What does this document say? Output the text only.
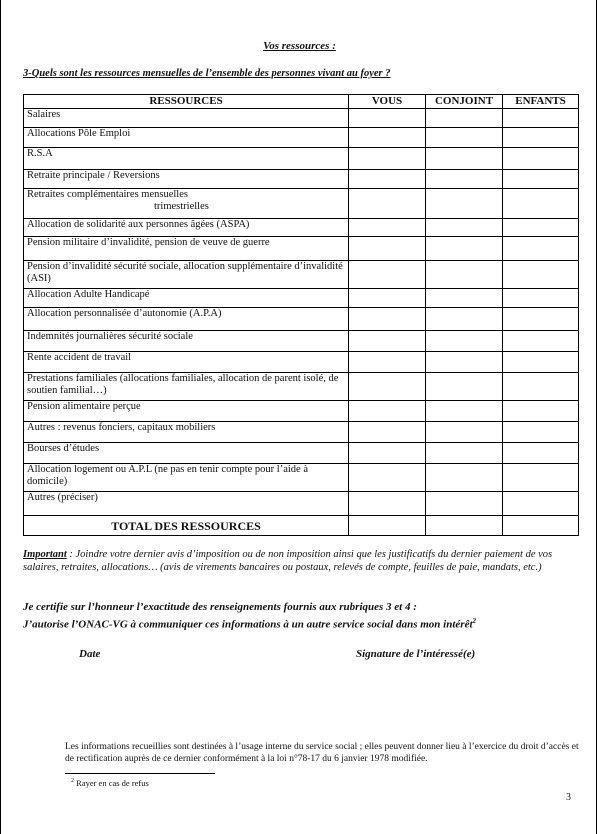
Vos ressources :
3-Quels sont les ressources mensuelles de l’ensemble des personnes vivant au foyer ?
RESSOURCES	VOUS	CONJOINT	ENFANTS
Salaires			
Allocations Pôle Emploi			
R.S.A			
Retraite principale / Reversions			
Retraites complémentaires mensuelles
trimestrielles			

Allocation de solidarité aux personnes âgées (ASPA)			
Pension militaire d’invalidité, pension de veuve de guerre			
Pension d’invalidité sécurité sociale, allocation supplémentaire d’invalidité (ASI)			
Allocation Adulte Handicapé			
Allocation personnalisée d’autonomie (A.P.A)			
Indemnités journalières sécurité sociale			
Rente accident de travail			
Prestations familiales (allocations familiales, allocation de parent isolé, de soutien familial…)			
Pension alimentaire perçue			
Autres : revenus fonciers, capitaux mobiliers			
Bourses d’études			
Allocation logement ou A.P.L (ne pas en tenir compte pour l’aide à domicile)			
Autres (préciser)			
TOTAL DES RESSOURCES			
Important : Joindre votre dernier avis d’imposition ou de non imposition ainsi que les justificatifs du dernier paiement de vos salaires, retraites, allocations… (avis de virements bancaires ou postaux, relevés de compte, feuilles de paie, mandats, etc.)
Je certifie sur l’honneur l’exactitude des renseignements fournis aux rubriques 3 et 4 :
J’autorise l’ONAC-VG à communiquer ces informations à un autre service social dans mon intérêt$^2$
Date	Signature de l’intéressé(e)
Les informations recueillies sont destinées à l’usage interne du service social ; elles peuvent donner lieu à l’exercice du droit d’accès et de rectification auprès de ce dernier conformément à la loi n°78-17 du 6 janvier 1978 modifiée.
$^2$ Rayer en cas de refus
3
